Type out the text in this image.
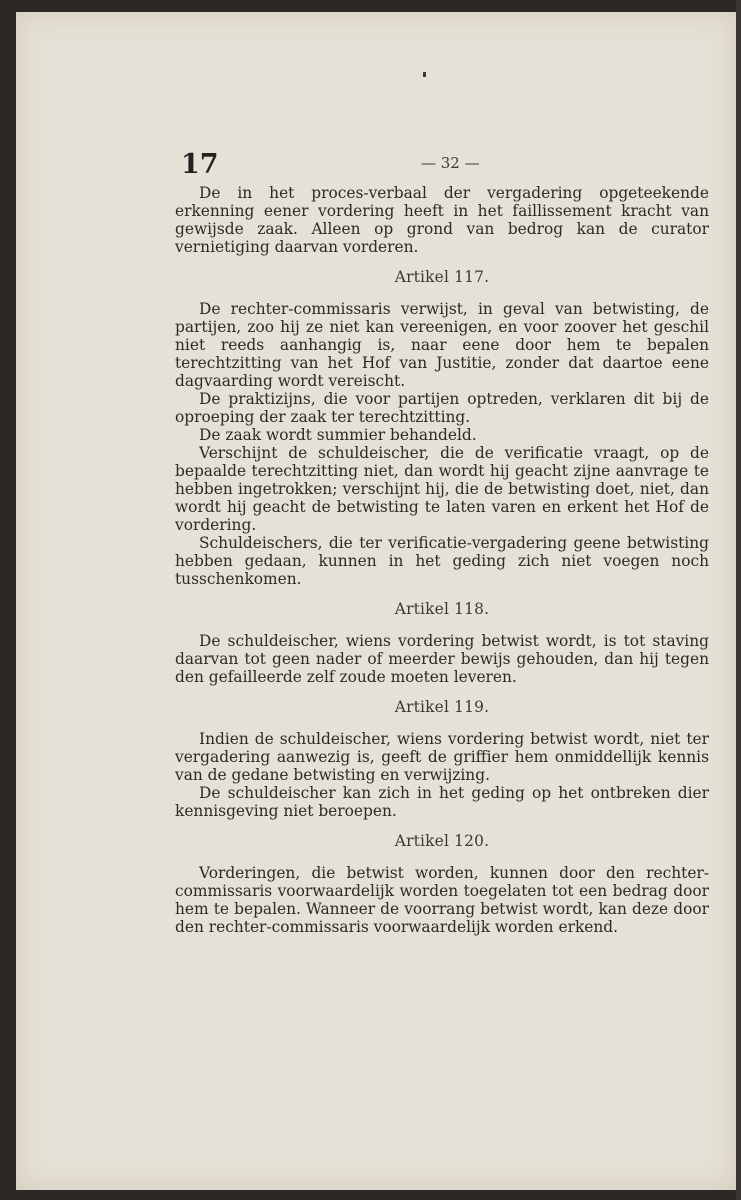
17	— 32 —

De in het proces-verbaal der vergadering opgeteekende erkenning eener vordering heeft in het faillissement kracht van gewijsde zaak. Alleen op grond van bedrog kan de curator vernietiging daarvan vorderen.

Artikel 117.

De rechter-commissaris verwijst, in geval van betwisting, de partijen, zoo hij ze niet kan vereenigen, en voor zoover het geschil niet reeds aanhangig is, naar eene door hem te bepalen terechtzitting van het Hof van Justitie, zonder dat daartoe eene dagvaarding wordt vereischt.

De praktizijns, die voor partijen optreden, verklaren dit bij de oproeping der zaak ter terechtzitting.

De zaak wordt summier behandeld.

Verschijnt de schuldeischer, die de verificatie vraagt, op de bepaalde terechtzitting niet, dan wordt hij geacht zijne aanvrage te hebben ingetrokken; verschijnt hij, die de betwisting doet, niet, dan wordt hij geacht de betwisting te laten varen en erkent het Hof de vordering.

Schuldeischers, die ter verificatie-vergadering geene betwisting hebben gedaan, kunnen in het geding zich niet voegen noch tusschenkomen.

Artikel 118.

De schuldeischer, wiens vordering betwist wordt, is tot staving daarvan tot geen nader of meerder bewijs gehouden, dan hij tegen den gefailleerde zelf zoude moeten leveren.

Artikel 119.

Indien de schuldeischer, wiens vordering betwist wordt, niet ter vergadering aanwezig is, geeft de griffier hem onmiddellijk kennis van de gedane betwisting en verwijzing.

De schuldeischer kan zich in het geding op het ontbreken dier kennisgeving niet beroepen.

Artikel 120.

Vorderingen, die betwist worden, kunnen door den rechter-commissaris voorwaardelijk worden toegelaten tot een bedrag door hem te bepalen. Wanneer de voorrang betwist wordt, kan deze door den rechter-commissaris voorwaardelijk worden erkend.
